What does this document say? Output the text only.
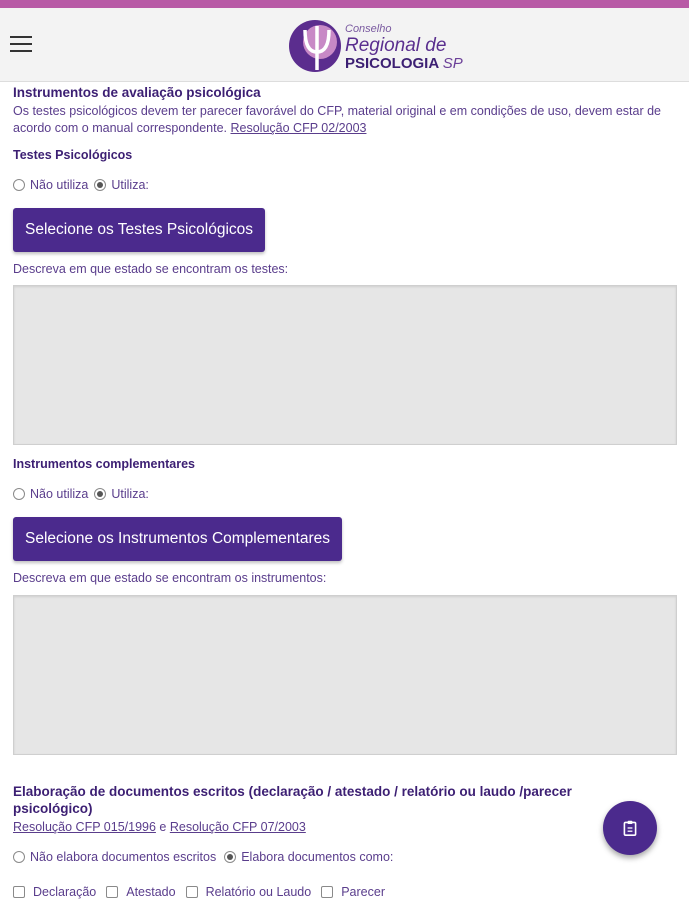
Conselho
Regional de
PSICOLOGIA SP
Instrumentos de avaliação psicológica
Os testes psicológicos devem ter parecer favorável do CFP, material original e em condições de uso, devem estar de acordo com o manual correspondente. Resolução CFP 02/2003
Testes Psicológicos
Não utiliza Utiliza:
Selecione os Testes Psicológicos
Descreva em que estado se encontram os testes:
Instrumentos complementares
Não utiliza Utiliza:
Selecione os Instrumentos Complementares
Descreva em que estado se encontram os instrumentos:
Elaboração de documentos escritos (declaração / atestado / relatório ou laudo /parecer psicológico)
Resolução CFP 015/1996 e Resolução CFP 07/2003
Não elabora documentos escritos Elabora documentos como:
Declaração Atestado Relatório ou Laudo Parecer
